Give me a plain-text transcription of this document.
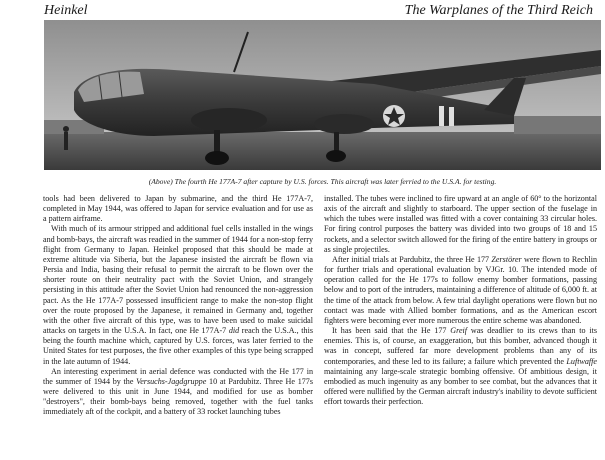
Heinkel	The Warplanes of the Third Reich
(Above) The fourth He 177A-7 after capture by U.S. forces. This aircraft was later ferried to the U.S.A. for testing.

tools had been delivered to Japan by submarine, and the third He 177A-7, completed in May 1944, was offered to Japan for service evaluation and for use as a pattern airframe.

With much of its armour stripped and additional fuel cells installed in the wings and bomb-bays, the aircraft was readied in the summer of 1944 for a non-stop ferry flight from Germany to Japan. Heinkel proposed that this should be made at extreme altitude via Siberia, but the Japanese insisted the aircraft be flown via Persia and India, basing their refusal to permit the aircraft to be flown over the shorter route on their neutrality pact with the Soviet Union, and strangely persisting in this attitude after the Soviet Union had renounced the non-aggression pact. As the He 177A-7 possessed insufficient range to make the non-stop flight over the route proposed by the Japanese, it remained in Germany and, together with the other five aircraft of this type, was to have been used to make suicidal attacks on targets in the U.S.A. In fact, one He 177A-7 did reach the U.S.A., this being the fourth machine which, captured by U.S. forces, was later ferried to the United States for test purposes, the five other examples of this type being scrapped in the late autumn of 1944.

An interesting experiment in aerial defence was conducted with the He 177 in the summer of 1944 by the Versuchs-Jagdgruppe 10 at Pardubitz. Three He 177s were delivered to this unit in June 1944, and modified for use as bomber "destroyers", their bomb-bays being removed, together with the fuel tanks immediately aft of the cockpit, and a battery of 33 rocket launching tubes

installed. The tubes were inclined to fire upward at an angle of 60° to the horizontal axis of the aircraft and slightly to starboard. The upper section of the fuselage in which the tubes were installed was fitted with a cover containing 33 circular holes. For firing control purposes the battery was divided into two groups of 18 and 15 rockets, and a selector switch allowed for the firing of the entire battery in groups or as single projectiles.

After initial trials at Pardubitz, the three He 177 Zerstörer were flown to Rechlin for further trials and operational evaluation by VJGr. 10. The intended mode of operation called for the He 177s to follow enemy bomber formations, passing below and to port of the intruders, maintaining a difference of altitude of 6,000 ft. at the time of the attack from below. A few trial daylight operations were flown but no contact was made with Allied bomber formations, and as the American escort fighters were becoming ever more numerous the entire scheme was abandoned.

It has been said that the He 177 Greif was deadlier to its crews than to its enemies. This is, of course, an exaggeration, but this bomber, advanced though it was in concept, suffered far more development problems than any of its contemporaries, and these led to its failure; a failure which prevented the Luftwaffe maintaining any large-scale strategic bombing offensive. Of ambitious design, it embodied as much ingenuity as any bomber to see combat, but the advances that it offered were nullified by the German aircraft industry's inability to devote sufficient effort towards their perfection.
